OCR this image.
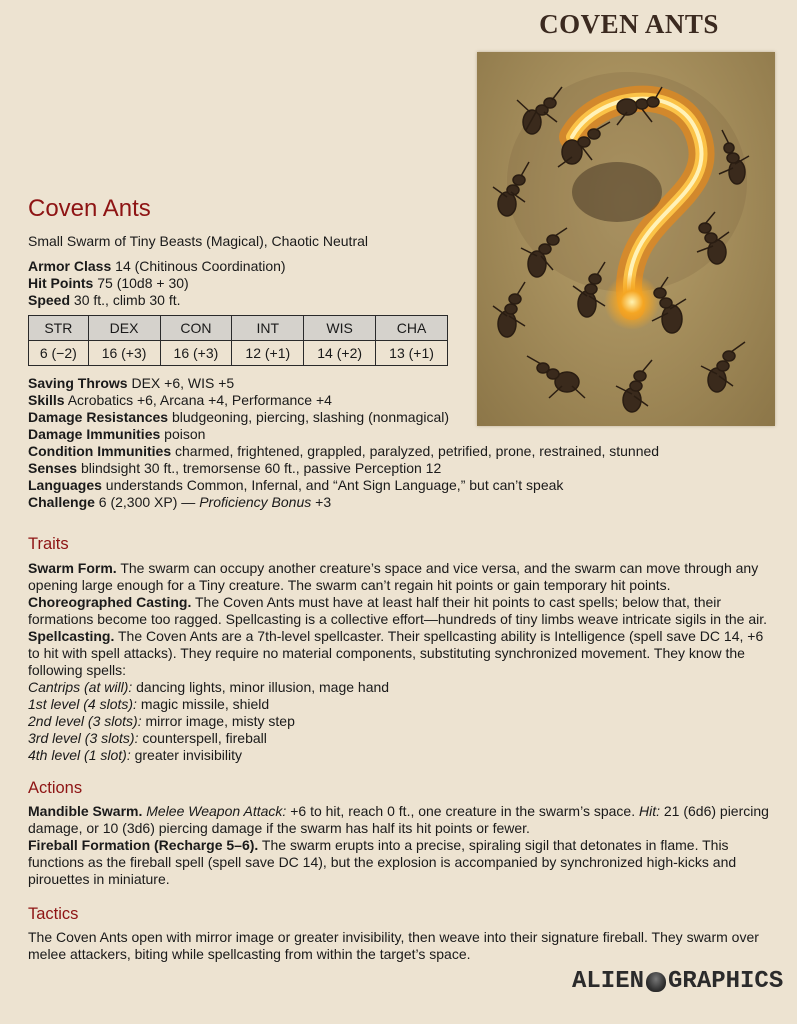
COVEN ANTS
Coven Ants
Small Swarm of Tiny Beasts (Magical), Chaotic Neutral
Armor Class 14 (Chitinous Coordination)
Hit Points 75 (10d8 + 30)
Speed 30 ft., climb 30 ft.
STR	DEX	CON	INT	WIS	CHA
6 (−2)	16 (+3)	16 (+3)	12 (+1)	14 (+2)	13 (+1)
Saving Throws DEX +6, WIS +5
Skills Acrobatics +6, Arcana +4, Performance +4
Damage Resistances bludgeoning, piercing, slashing (nonmagical)
Damage Immunities poison
Condition Immunities charmed, frightened, grappled, paralyzed, petrified, prone, restrained, stunned
Senses blindsight 30 ft., tremorsense 60 ft., passive Perception 12
Languages understands Common, Infernal, and “Ant Sign Language,” but can’t speak
Challenge 6 (2,300 XP) — Proficiency Bonus +3
Traits

Swarm Form. The swarm can occupy another creature’s space and vice versa, and the swarm can move through any opening large enough for a Tiny creature. The swarm can’t regain hit points or gain temporary hit points.

Choreographed Casting. The Coven Ants must have at least half their hit points to cast spells; below that, their formations become too ragged. Spellcasting is a collective effort—hundreds of tiny limbs weave intricate sigils in the air.

Spellcasting. The Coven Ants are a 7th-level spellcaster. Their spellcasting ability is Intelligence (spell save DC 14, +6 to hit with spell attacks). They require no material components, substituting synchronized movement. They know the following spells:

Cantrips (at will): dancing lights, minor illusion, mage hand

1st level (4 slots): magic missile, shield

2nd level (3 slots): mirror image, misty step

3rd level (3 slots): counterspell, fireball

4th level (1 slot): greater invisibility

Actions

Mandible Swarm. Melee Weapon Attack: +6 to hit, reach 0 ft., one creature in the swarm’s space. Hit: 21 (6d6) piercing damage, or 10 (3d6) piercing damage if the swarm has half its hit points or fewer.

Fireball Formation (Recharge 5–6). The swarm erupts into a precise, spiraling sigil that detonates in flame. This functions as the fireball spell (spell save DC 14), but the explosion is accompanied by synchronized high-kicks and pirouettes in miniature.

Tactics

The Coven Ants open with mirror image or greater invisibility, then weave into their signature fireball. They swarm over melee attackers, biting while spellcasting from within the target’s space.

ALIEN GRAPHICS
